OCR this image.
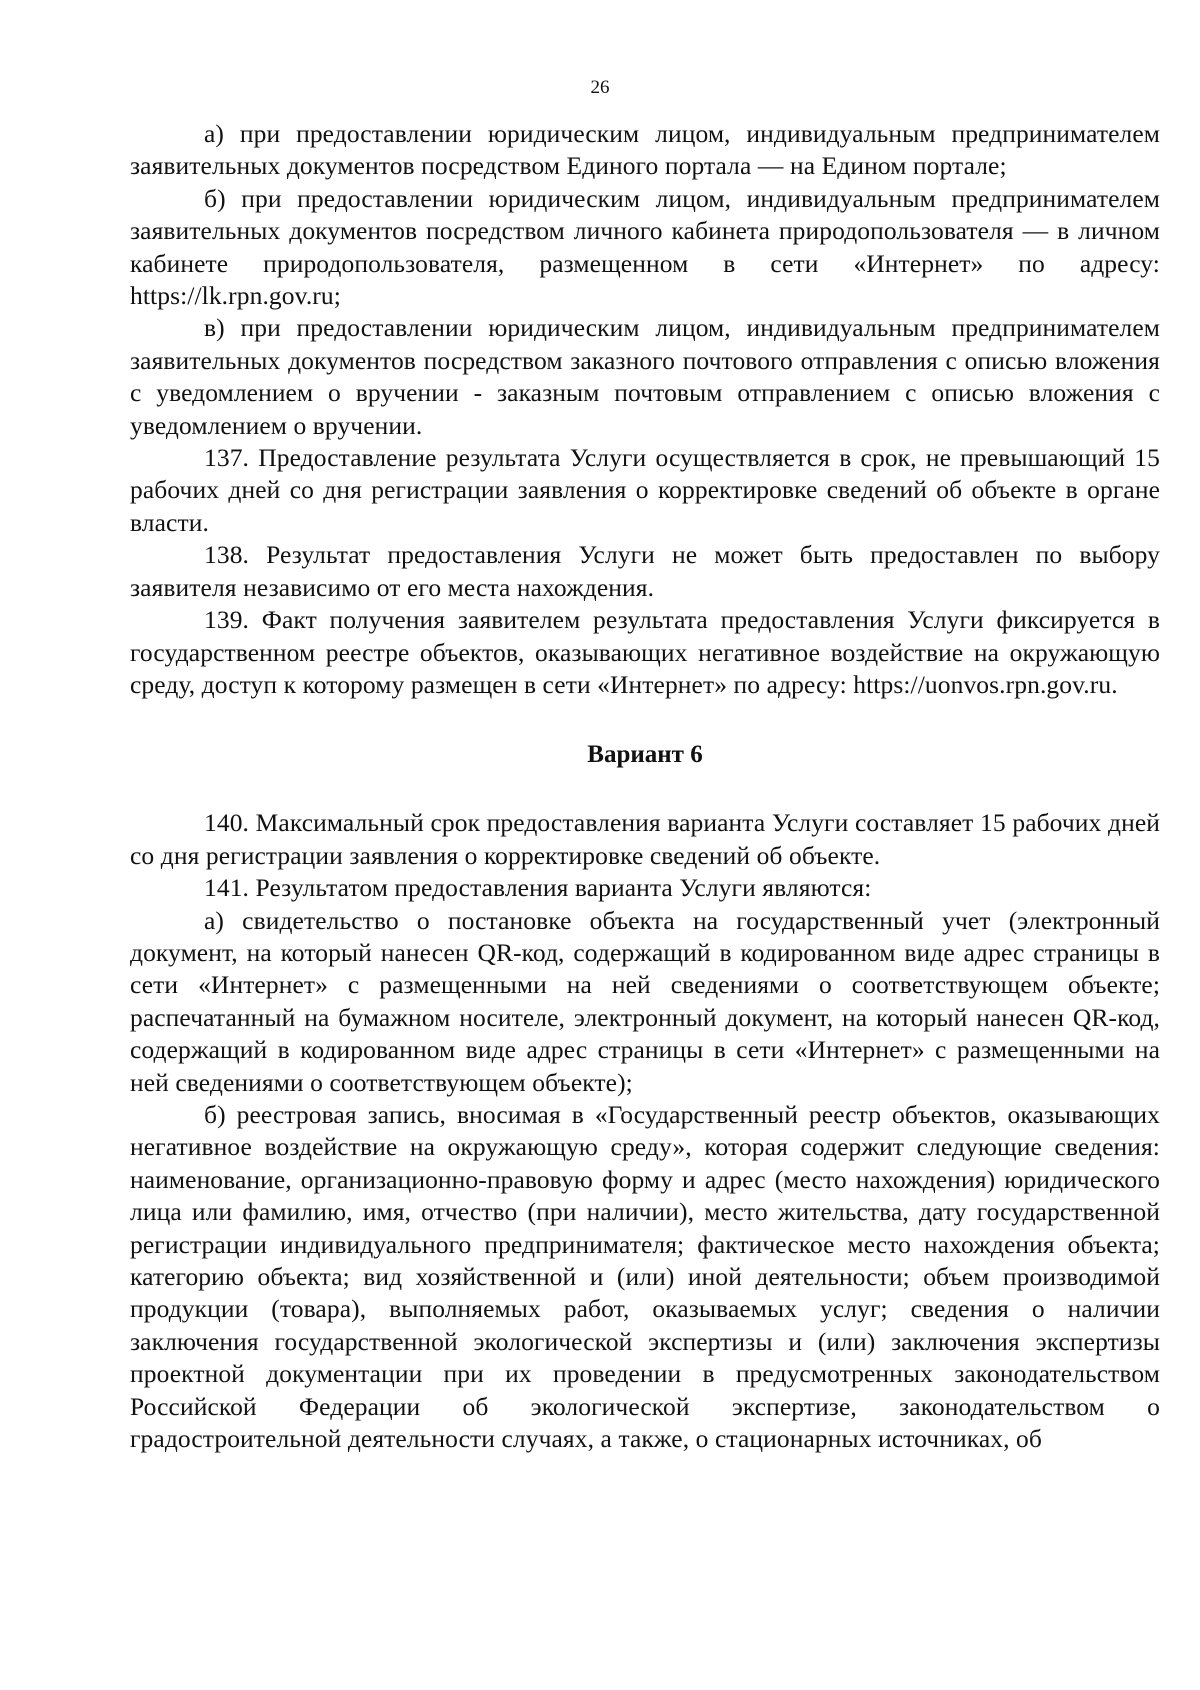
26

а) при предоставлении юридическим лицом, индивидуальным предпринимателем заявительных документов посредством Единого портала — на Едином портале;

б) при предоставлении юридическим лицом, индивидуальным предпринимателем заявительных документов посредством личного кабинета природопользователя — в личном кабинете природопользователя, размещенном в сети «Интернет» по адресу: https://lk.rpn.gov.ru;

в) при предоставлении юридическим лицом, индивидуальным предпринимателем заявительных документов посредством заказного почтового отправления с описью вложения с уведомлением о вручении - заказным почтовым отправлением с описью вложения с уведомлением о вручении.

137. Предоставление результата Услуги осуществляется в срок, не превышающий 15 рабочих дней со дня регистрации заявления о корректировке сведений об объекте в органе власти.

138. Результат предоставления Услуги не может быть предоставлен по выбору заявителя независимо от его места нахождения.

139. Факт получения заявителем результата предоставления Услуги фиксируется в государственном реестре объектов, оказывающих негативное воздействие на окружающую среду, доступ к которому размещен в сети «Интернет» по адресу: https://uonvos.rpn.gov.ru.

Вариант 6

140. Максимальный срок предоставления варианта Услуги составляет 15 рабочих дней со дня регистрации заявления о корректировке сведений об объекте.

141. Результатом предоставления варианта Услуги являются:

а) свидетельство о постановке объекта на государственный учет (электронный документ, на который нанесен QR-код, содержащий в кодированном виде адрес страницы в сети «Интернет» с размещенными на ней сведениями о соответствующем объекте; распечатанный на бумажном носителе, электронный документ, на который нанесен QR-код, содержащий в кодированном виде адрес страницы в сети «Интернет» с размещенными на ней сведениями о соответствующем объекте);

б) реестровая запись, вносимая в «Государственный реестр объектов, оказывающих негативное воздействие на окружающую среду», которая содержит следующие сведения: наименование, организационно-правовую форму и адрес (место нахождения) юридического лица или фамилию, имя, отчество (при наличии), место жительства, дату государственной регистрации индивидуального предпринимателя; фактическое место нахождения объекта; категорию объекта; вид хозяйственной и (или) иной деятельности; объем производимой продукции (товара), выполняемых работ, оказываемых услуг; сведения о наличии заключения государственной экологической экспертизы и (или) заключения экспертизы проектной документации при их проведении в предусмотренных законодательством Российской Федерации об экологической экспертизе, законодательством о градостроительной деятельности случаях, а также, о стационарных источниках, об
